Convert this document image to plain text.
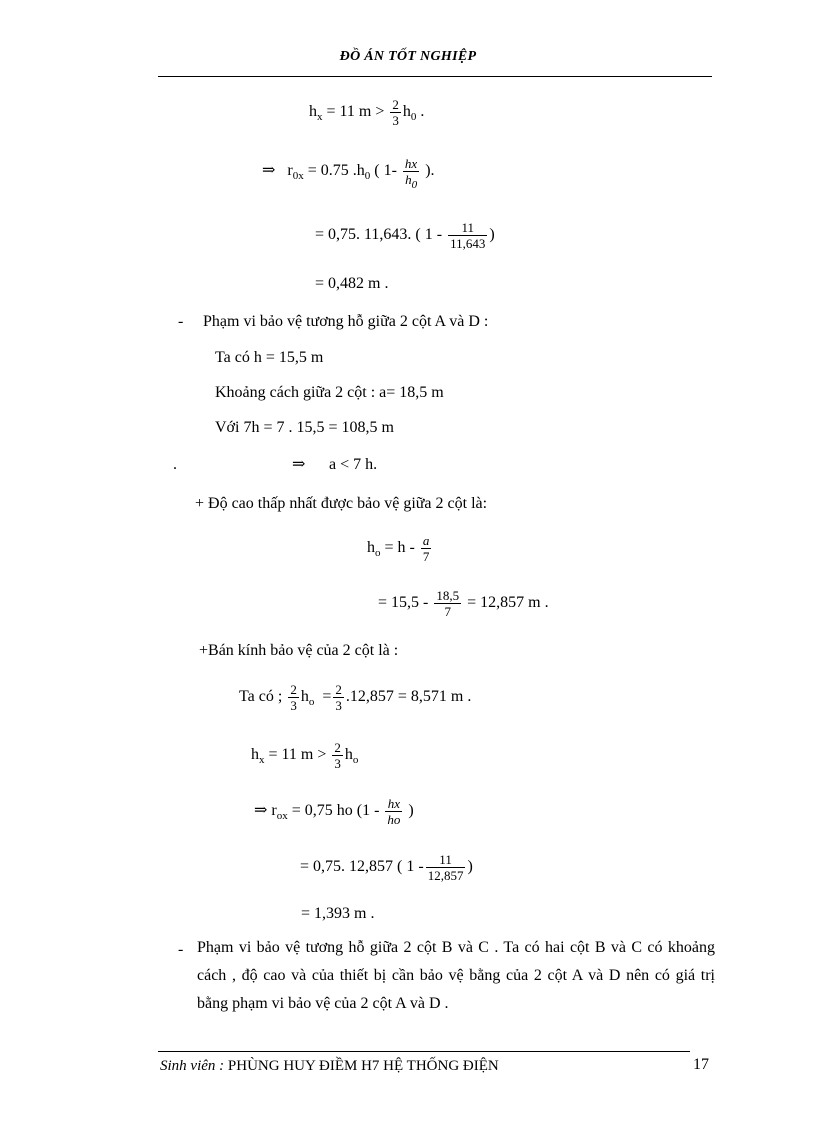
ĐỒ ÁN TỐT NGHIỆP
$h_x = 11$ $m > \frac{2}{3} h_0$ .
⇒ $r_{0x} = 0.75$ $.h_0$ ( $1- \frac{hx}{h_0}$ ).
= 0,75. 11,643. ( $1 - \frac{11}{11,643}$ )
= 0,482 m .
- Phạm vi bảo vệ tương hỗ giữa 2 cột A và D :
Ta có h = 15,5 m
Khoảng cách giữa 2 cột : a= 18,5 m
Với 7h = 7 . 15,5 = 108,5 m
.	⇒ a < 7 h.
+ Độ cao thấp nhất được bảo vệ giữa 2 cột là:
$h_o = h - \frac{a}{7}$
= $15,5 - \frac{18,5}{7} = 12,857$ m .
+Bán kính bảo vệ của 2 cột là :
Ta có ; $\frac{2}{3} h_o = \frac{2}{3} .12,857 = 8,571$ m .
$h_x = 11$ $m > \frac{2}{3} h_o$
⇒ $r_{ox} = 0,75$ ho ($1 - \frac{hx}{ho}$ )
= 0,75. 12,857 ( $1 - \frac{11}{12,857}$ )
= 1,393 m .
- Phạm vi bảo vệ tương hỗ giữa 2 cột B và C . Ta có hai cột B và C có khoảng cách , độ cao và của thiết bị cần bảo vệ bằng của 2 cột A và D nên có giá trị bằng phạm vi bảo vệ của 2 cột A và D .
Sinh viên : PHÙNG HUY ĐIỀM H7 HỆ THỐNG ĐIỆN	17
